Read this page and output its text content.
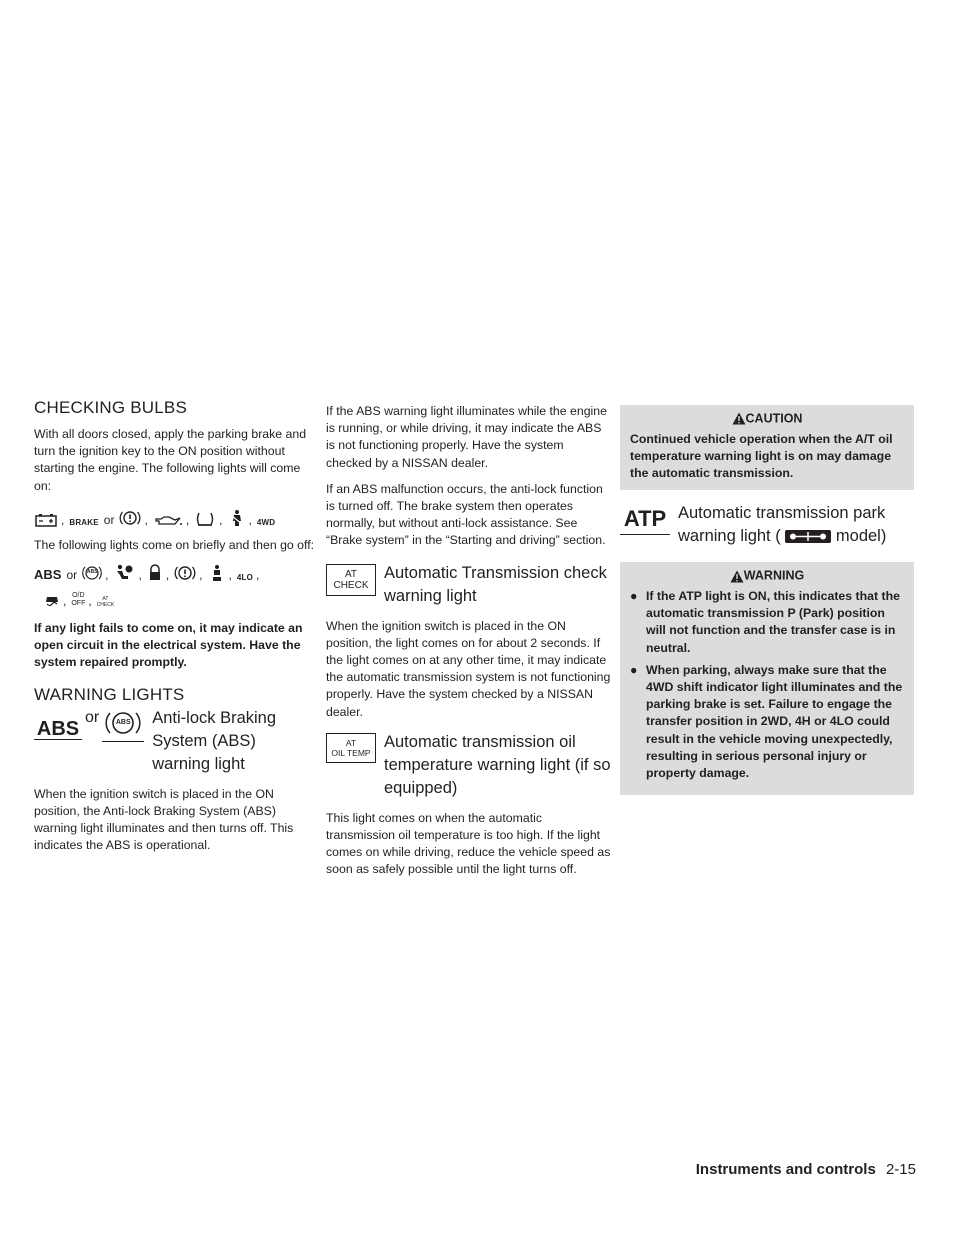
CHECKING BULBS

With all doors closed, apply the parking brake and turn the ignition key to the ON position without starting the engine. The following lights will come on:

, BRAKE or	,	,	, , 4WD

The following lights come on briefly and then go off:

ABS or	ABS ,	, ,	, , 4LO ,
, O/D
OFF ,	AT
CHECK

If any light fails to come on, it may indicate an open circuit in the electrical system. Have the system repaired promptly.

WARNING LIGHTS
ABS
or	ABS	Anti-lock Braking System (ABS) warning light

When the ignition switch is placed in the ON position, the Anti-lock Braking System (ABS) warning light illuminates and then turns off. This indicates the ABS is operational.

If the ABS warning light illuminates while the engine is running, or while driving, it may indicate the ABS is not functioning properly. Have the system checked by a NISSAN dealer.

If an ABS malfunction occurs, the anti-lock function is turned off. The brake system then operates normally, but without anti-lock assistance. See “Brake system” in the “Starting and driving” section.

AT
CHECK
Automatic Transmission check warning light

When the ignition switch is placed in the ON position, the light comes on for about 2 seconds. If the light comes on at any other time, it may indicate the automatic transmission system is not functioning properly. Have the system checked by a NISSAN dealer.

AT
OIL TEMP
Automatic transmission oil temperature warning light (if so equipped)

This light comes on when the automatic transmission oil temperature is too high. If the light comes on while driving, reduce the vehicle speed as soon as safely possible until the light turns off.

CAUTION

Continued vehicle operation when the A/T oil temperature warning light is on may damage the automatic transmission.

ATP Automatic transmission park warning light (	model)
WARNING
● If the ATP light is ON, this indicates that the automatic transmission P (Park) position will not function and the transfer case is in neutral.
● When parking, always make sure that the 4WD shift indicator light illuminates and the parking brake is set. Failure to engage the transfer position in 2WD, 4H or 4LO could result in the vehicle moving unexpectedly, resulting in serious personal injury or property damage.
Instruments and controls 2-15
